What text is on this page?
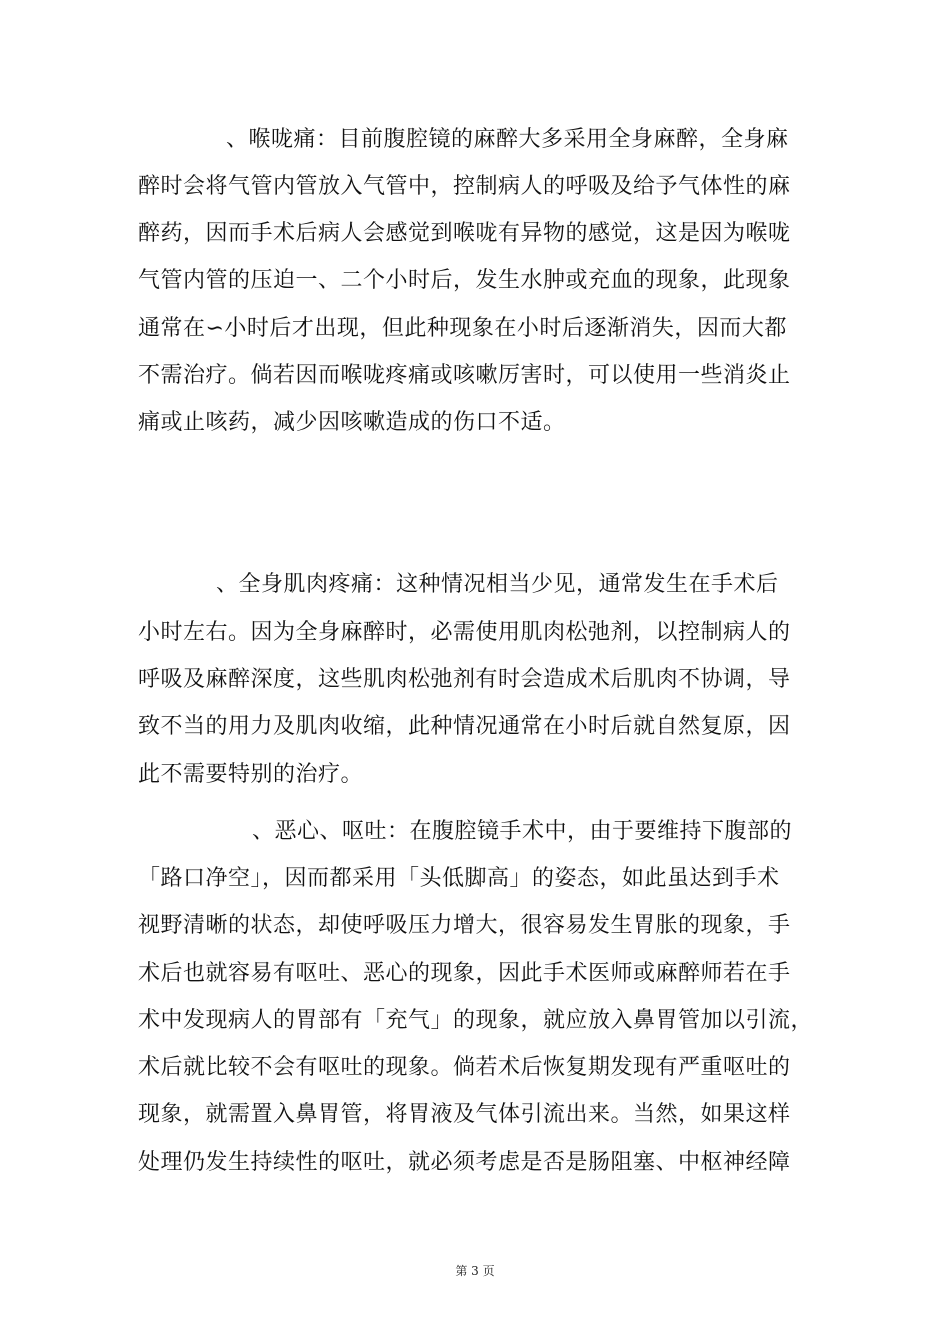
、喉咙痛：目前腹腔镜的麻醉大多采用全身麻醉，全身麻
醉时会将气管内管放入气管中，控制病人的呼吸及给予气体性的麻
醉药，因而手术后病人会感觉到喉咙有异物的感觉，这是因为喉咙
气管内管的压迫一、二个小时后，发生水肿或充血的现象，此现象
通常在∽小时后才出现，但此种现象在小时后逐渐消失，因而大都
不需治疗。倘若因而喉咙疼痛或咳嗽厉害时，可以使用一些消炎止
痛或止咳药，减少因咳嗽造成的伤口不适。
、全身肌肉疼痛：这种情况相当少见，通常发生在手术后
小时左右。因为全身麻醉时，必需使用肌肉松弛剂，以控制病人的
呼吸及麻醉深度，这些肌肉松弛剂有时会造成术后肌肉不协调，导
致不当的用力及肌肉收缩，此种情况通常在小时后就自然复原，因
此不需要特别的治疗。
、恶心、呕吐：在腹腔镜手术中，由于要维持下腹部的
「路口净空」，因而都采用「头低脚高」的姿态，如此虽达到手术
视野清晰的状态，却使呼吸压力增大，很容易发生胃胀的现象，手
术后也就容易有呕吐、恶心的现象，因此手术医师或麻醉师若在手
术中发现病人的胃部有「充气」的现象，就应放入鼻胃管加以引流，
术后就比较不会有呕吐的现象。倘若术后恢复期发现有严重呕吐的
现象，就需置入鼻胃管，将胃液及气体引流出来。当然，如果这样
处理仍发生持续性的呕吐，就必须考虑是否是肠阻塞、中枢神经障
第 3 页
